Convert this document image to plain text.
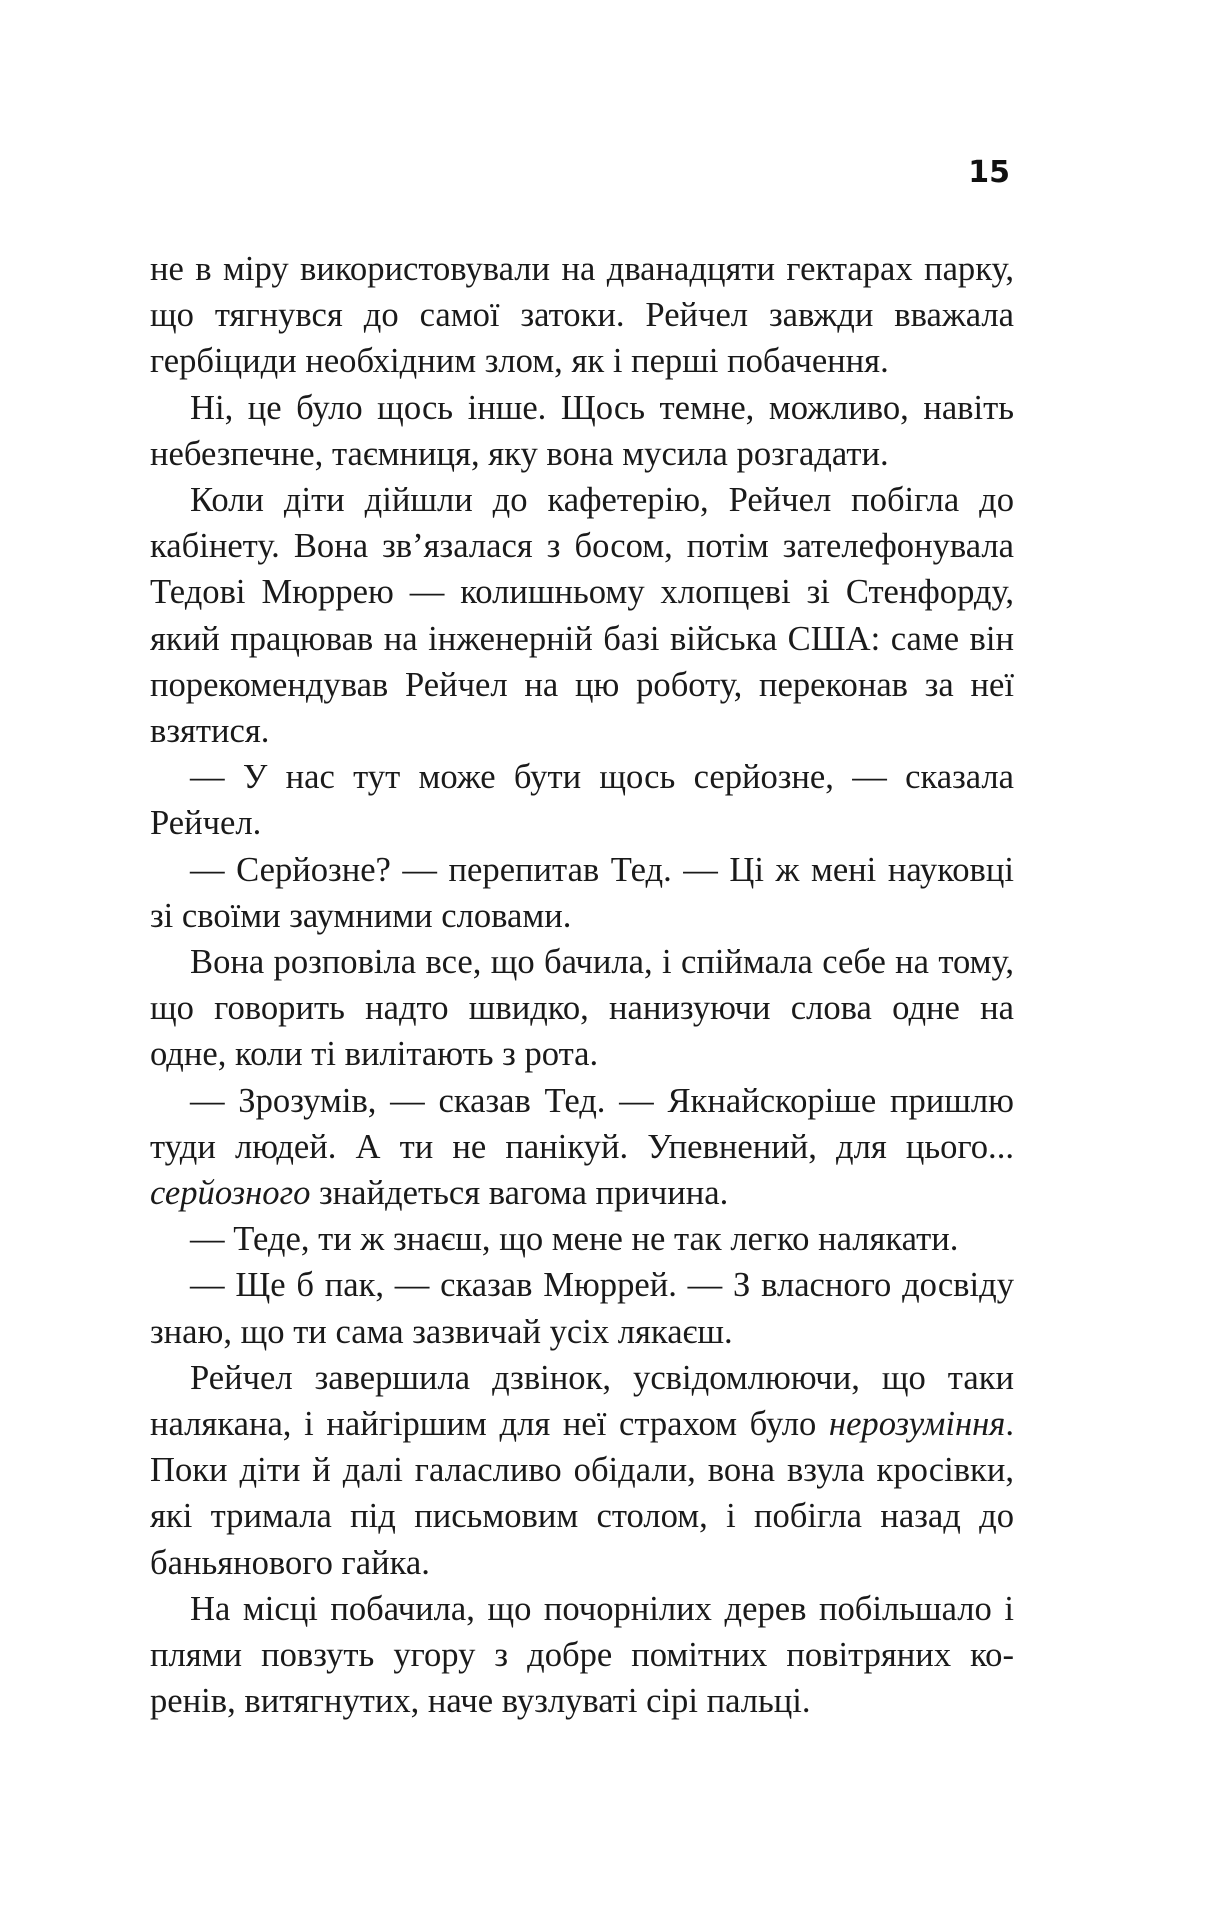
15

не в міру використовували на дванадцяти гектарах парку, що тягнувся до самої затоки. Рейчел завжди вважала гербіциди необхідним злом, як і перші побачення.

Ні, це було щось інше. Щось темне, можливо, навіть небезпечне, таємниця, яку вона мусила розгадати.

Коли діти дійшли до кафетерію, Рейчел побігла до кабінету. Вона зв’язалася з босом, потім зателефонувала Тедові Мюррею — колишньому хлопцеві зі Стенфорду, який працював на інженерній базі війська США: саме він порекомендував Рейчел на цю роботу, переконав за неї взятися.

— У нас тут може бути щось серйозне, — сказала Рейчел.

— Серйозне? — перепитав Тед. — Ці ж мені науковці зі своїми заумними словами.

Вона розповіла все, що бачила, і спіймала себе на тому, що говорить надто швидко, нанизуючи слова одне на одне, коли ті вилітають з рота.

— Зрозумів, — сказав Тед. — Якнайскоріше пришлю туди людей. А ти не панікуй. Упевнений, для цього... серйозного знайдеться вагома причина.

— Теде, ти ж знаєш, що мене не так легко налякати.

— Ще б пак, — сказав Мюррей. — З власного досвіду знаю, що ти сама зазвичай усіх лякаєш.

Рейчел завершила дзвінок, усвідомлюючи, що таки налякана, і найгіршим для неї страхом було нерозуміння. Поки діти й далі галасливо обідали, вона взула кросівки, які тримала під письмовим столом, і побігла назад до баньянового гайка.

На місці побачила, що почорнілих дерев побільшало і плями повзуть угору з добре помітних повітряних коренів, витягнутих, наче вузлуваті сірі пальці.
